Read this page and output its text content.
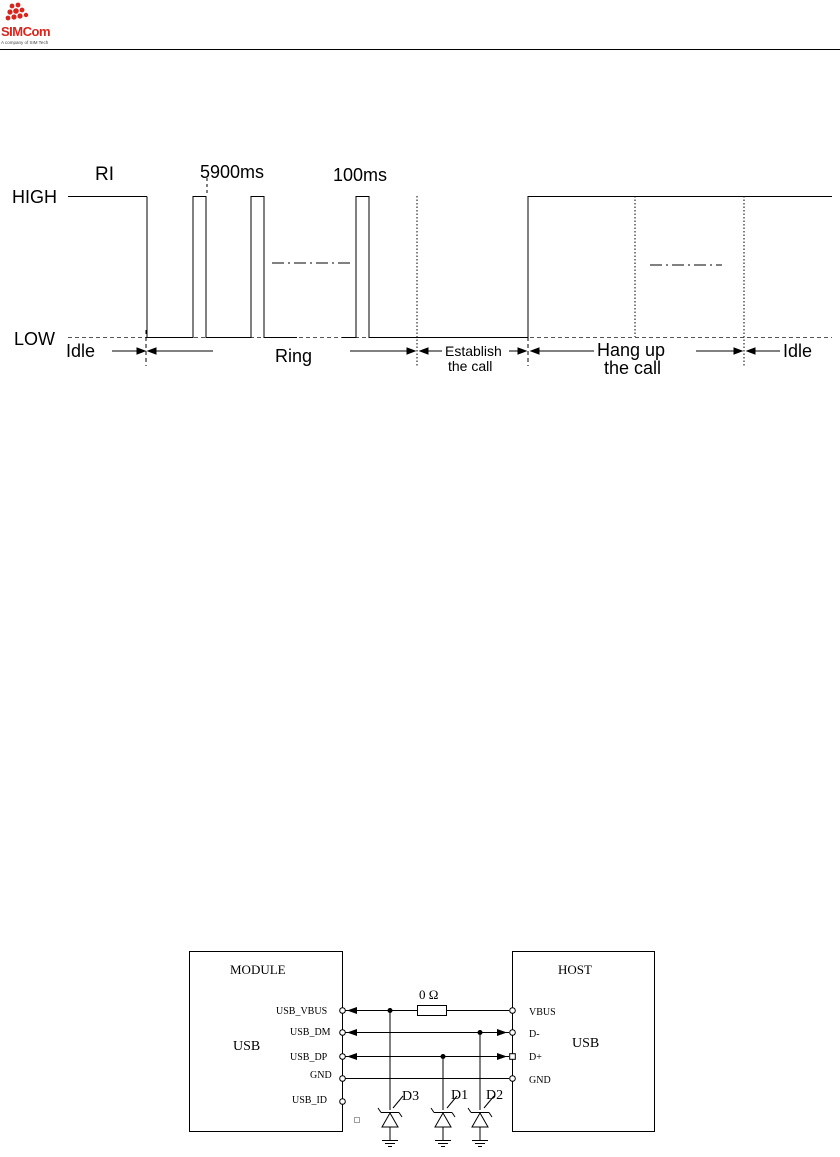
SIMCom
A company of SIM Tech
RI
HIGH
LOW
5900ms	100ms
Idle	Ring	Establish
the call
Hang up
the call
Idle
MODULE
USB
HOST
USB
USB_VBUS
USB_DM
USB_DP
GND
USB_ID
VBUS
D-
D+
GND
0 Ω
D3 D1 D2
